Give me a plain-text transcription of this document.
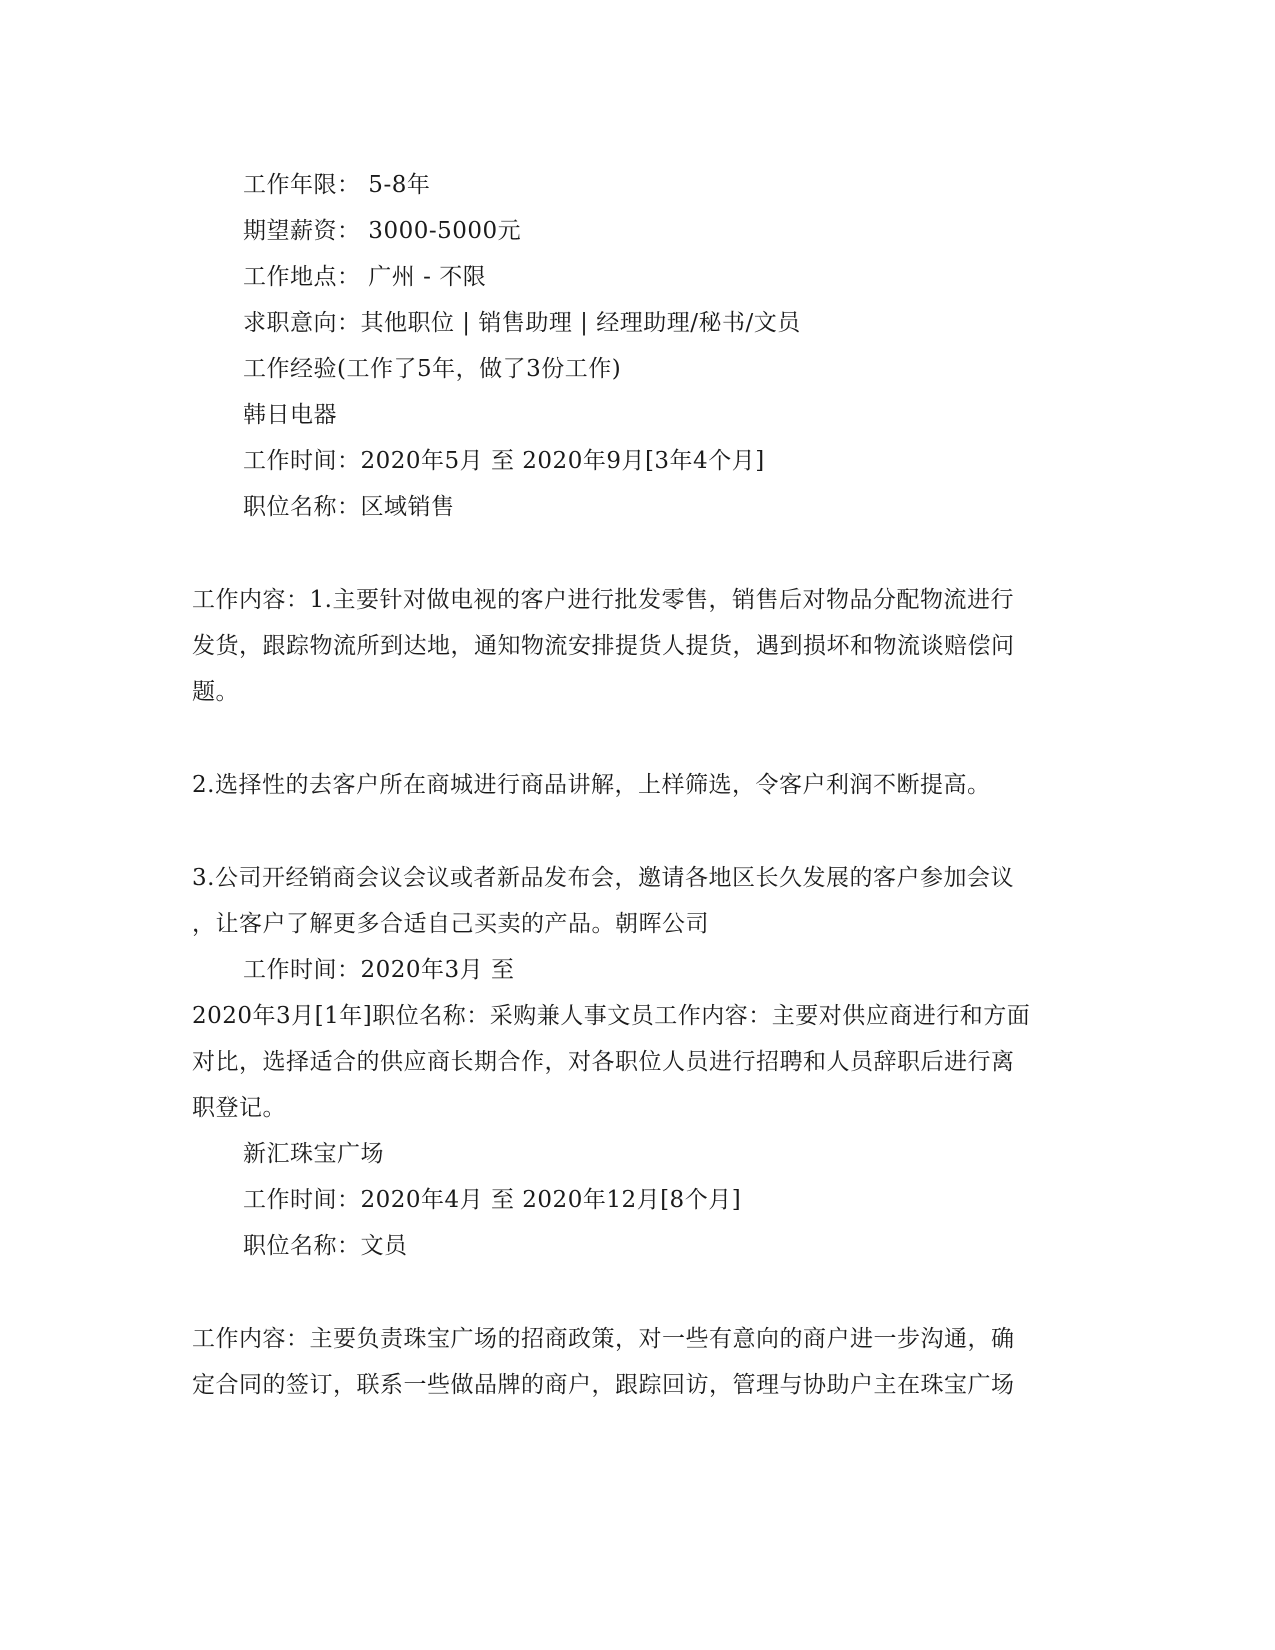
工作年限： 5-8年
期望薪资： 3000-5000元
工作地点： 广州 - 不限
求职意向：其他职位 | 销售助理 | 经理助理/秘书/文员
工作经验(工作了5年，做了3份工作)
韩日电器
工作时间：2020年5月 至 2020年9月[3年4个月]
职位名称：区域销售
工作内容：1.主要针对做电视的客户进行批发零售，销售后对物品分配物流进行
发货，跟踪物流所到达地，通知物流安排提货人提货，遇到损坏和物流谈赔偿问
题。
2.选择性的去客户所在商城进行商品讲解，上样筛选，令客户利润不断提高。
3.公司开经销商会议会议或者新品发布会，邀请各地区长久发展的客户参加会议
，让客户了解更多合适自己买卖的产品。朝晖公司
工作时间：2020年3月 至
2020年3月[1年]职位名称：采购兼人事文员工作内容：主要对供应商进行和方面
对比，选择适合的供应商长期合作，对各职位人员进行招聘和人员辞职后进行离
职登记。
新汇珠宝广场
工作时间：2020年4月 至 2020年12月[8个月]
职位名称：文员
工作内容：主要负责珠宝广场的招商政策，对一些有意向的商户进一步沟通，确
定合同的签订，联系一些做品牌的商户，跟踪回访，管理与协助户主在珠宝广场
